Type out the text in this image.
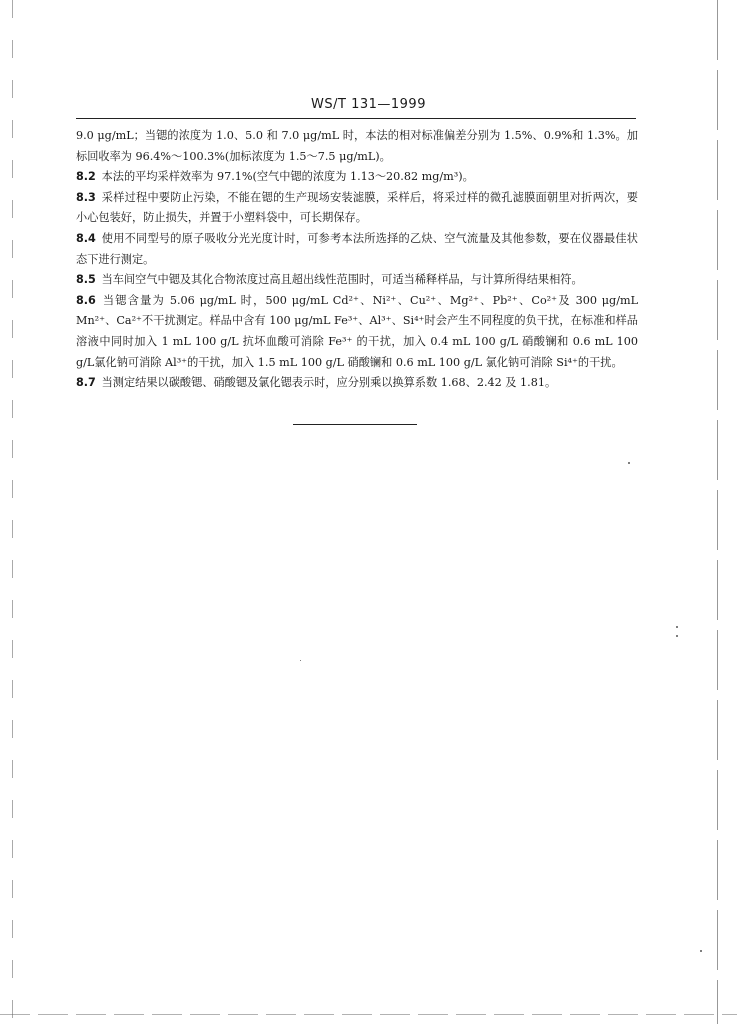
WS/T 131—1999

9.0 μg/mL；当锶的浓度为 1.0、5.0 和 7.0 μg/mL 时，本法的相对标准偏差分别为 1.5%、0.9%和 1.3%。加标回收率为 96.4%～100.3%(加标浓度为 1.5～7.5 μg/mL)。

8.2 本法的平均采样效率为 97.1%(空气中锶的浓度为 1.13～20.82 mg/m³)。

8.3 采样过程中要防止污染，不能在锶的生产现场安装滤膜，采样后，将采过样的微孔滤膜面朝里对折两次，要小心包装好，防止损失，并置于小塑料袋中，可长期保存。

8.4 使用不同型号的原子吸收分光光度计时，可参考本法所选择的乙炔、空气流量及其他参数，要在仪器最佳状态下进行测定。

8.5 当车间空气中锶及其化合物浓度过高且超出线性范围时，可适当稀释样品，与计算所得结果相符。

8.6 当锶含量为 5.06 μg/mL 时，500 μg/mL Cd²⁺、Ni²⁺、Cu²⁺、Mg²⁺、Pb²⁺、Co²⁺及 300 μg/mL Mn²⁺、Ca²⁺不干扰测定。样品中含有 100 μg/mL Fe³⁺、Al³⁺、Si⁴⁺时会产生不同程度的负干扰，在标准和样品溶液中同时加入 1 mL 100 g/L 抗坏血酸可消除 Fe³⁺ 的干扰，加入 0.4 mL 100 g/L 硝酸镧和 0.6 mL 100 g/L氯化钠可消除 Al³⁺的干扰，加入 1.5 mL 100 g/L 硝酸镧和 0.6 mL 100 g/L 氯化钠可消除 Si⁴⁺的干扰。

8.7 当测定结果以碳酸锶、硝酸锶及氯化锶表示时，应分别乘以换算系数 1.68、2.42 及 1.81。
